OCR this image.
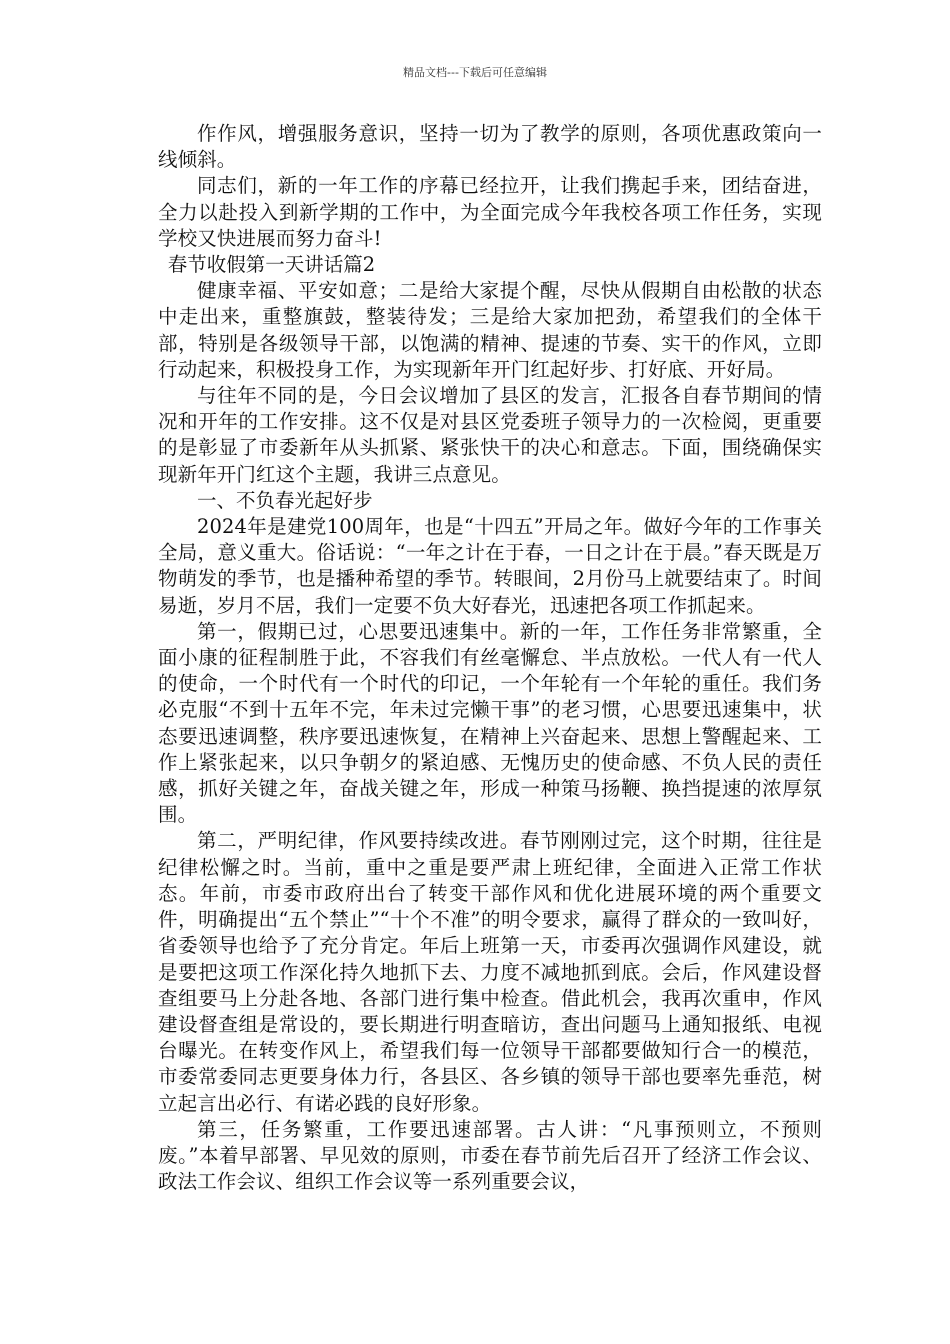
精品文档---下载后可任意编辑

作作风，增强服务意识，坚持一切为了教学的原则，各项优惠政策向一线倾斜。

同志们，新的一年工作的序幕已经拉开，让我们携起手来，团结奋进，全力以赴投入到新学期的工作中，为全面完成今年我校各项工作任务，实现学校又快进展而努力奋斗!

春节收假第一天讲话篇2

健康幸福、平安如意；二是给大家提个醒，尽快从假期自由松散的状态中走出来，重整旗鼓，整装待发；三是给大家加把劲，希望我们的全体干部，特别是各级领导干部，以饱满的精神、提速的节奏、实干的作风，立即行动起来，积极投身工作，为实现新年开门红起好步、打好底、开好局。

与往年不同的是，今日会议增加了县区的发言，汇报各自春节期间的情况和开年的工作安排。这不仅是对县区党委班子领导力的一次检阅，更重要的是彰显了市委新年从头抓紧、紧张快干的决心和意志。下面，围绕确保实现新年开门红这个主题，我讲三点意见。

一、不负春光起好步

2024年是建党100周年，也是“十四五”开局之年。做好今年的工作事关全局，意义重大。俗话说：“一年之计在于春，一日之计在于晨。”春天既是万物萌发的季节，也是播种希望的季节。转眼间，2月份马上就要结束了。时间易逝，岁月不居，我们一定要不负大好春光，迅速把各项工作抓起来。

第一，假期已过，心思要迅速集中。新的一年，工作任务非常繁重，全面小康的征程制胜于此，不容我们有丝毫懈怠、半点放松。一代人有一代人的使命，一个时代有一个时代的印记，一个年轮有一个年轮的重任。我们务必克服“不到十五年不完，年未过完懒干事”的老习惯，心思要迅速集中，状态要迅速调整，秩序要迅速恢复，在精神上兴奋起来、思想上警醒起来、工作上紧张起来，以只争朝夕的紧迫感、无愧历史的使命感、不负人民的责任感，抓好关键之年，奋战关键之年，形成一种策马扬鞭、换挡提速的浓厚氛围。

第二，严明纪律，作风要持续改进。春节刚刚过完，这个时期，往往是纪律松懈之时。当前，重中之重是要严肃上班纪律，全面进入正常工作状态。年前，市委市政府出台了转变干部作风和优化进展环境的两个重要文件，明确提出“五个禁止”“十个不准”的明令要求，赢得了群众的一致叫好，省委领导也给予了充分肯定。年后上班第一天，市委再次强调作风建设，就是要把这项工作深化持久地抓下去、力度不减地抓到底。会后，作风建设督查组要马上分赴各地、各部门进行集中检查。借此机会，我再次重申，作风建设督查组是常设的，要长期进行明查暗访，查出问题马上通知报纸、电视台曝光。在转变作风上，希望我们每一位领导干部都要做知行合一的模范，市委常委同志更要身体力行，各县区、各乡镇的领导干部也要率先垂范，树立起言出必行、有诺必践的良好形象。

第三，任务繁重，工作要迅速部署。古人讲：“凡事预则立，不预则废。”本着早部署、早见效的原则，市委在春节前先后召开了经济工作会议、政法工作会议、组织工作会议等一系列重要会议，
